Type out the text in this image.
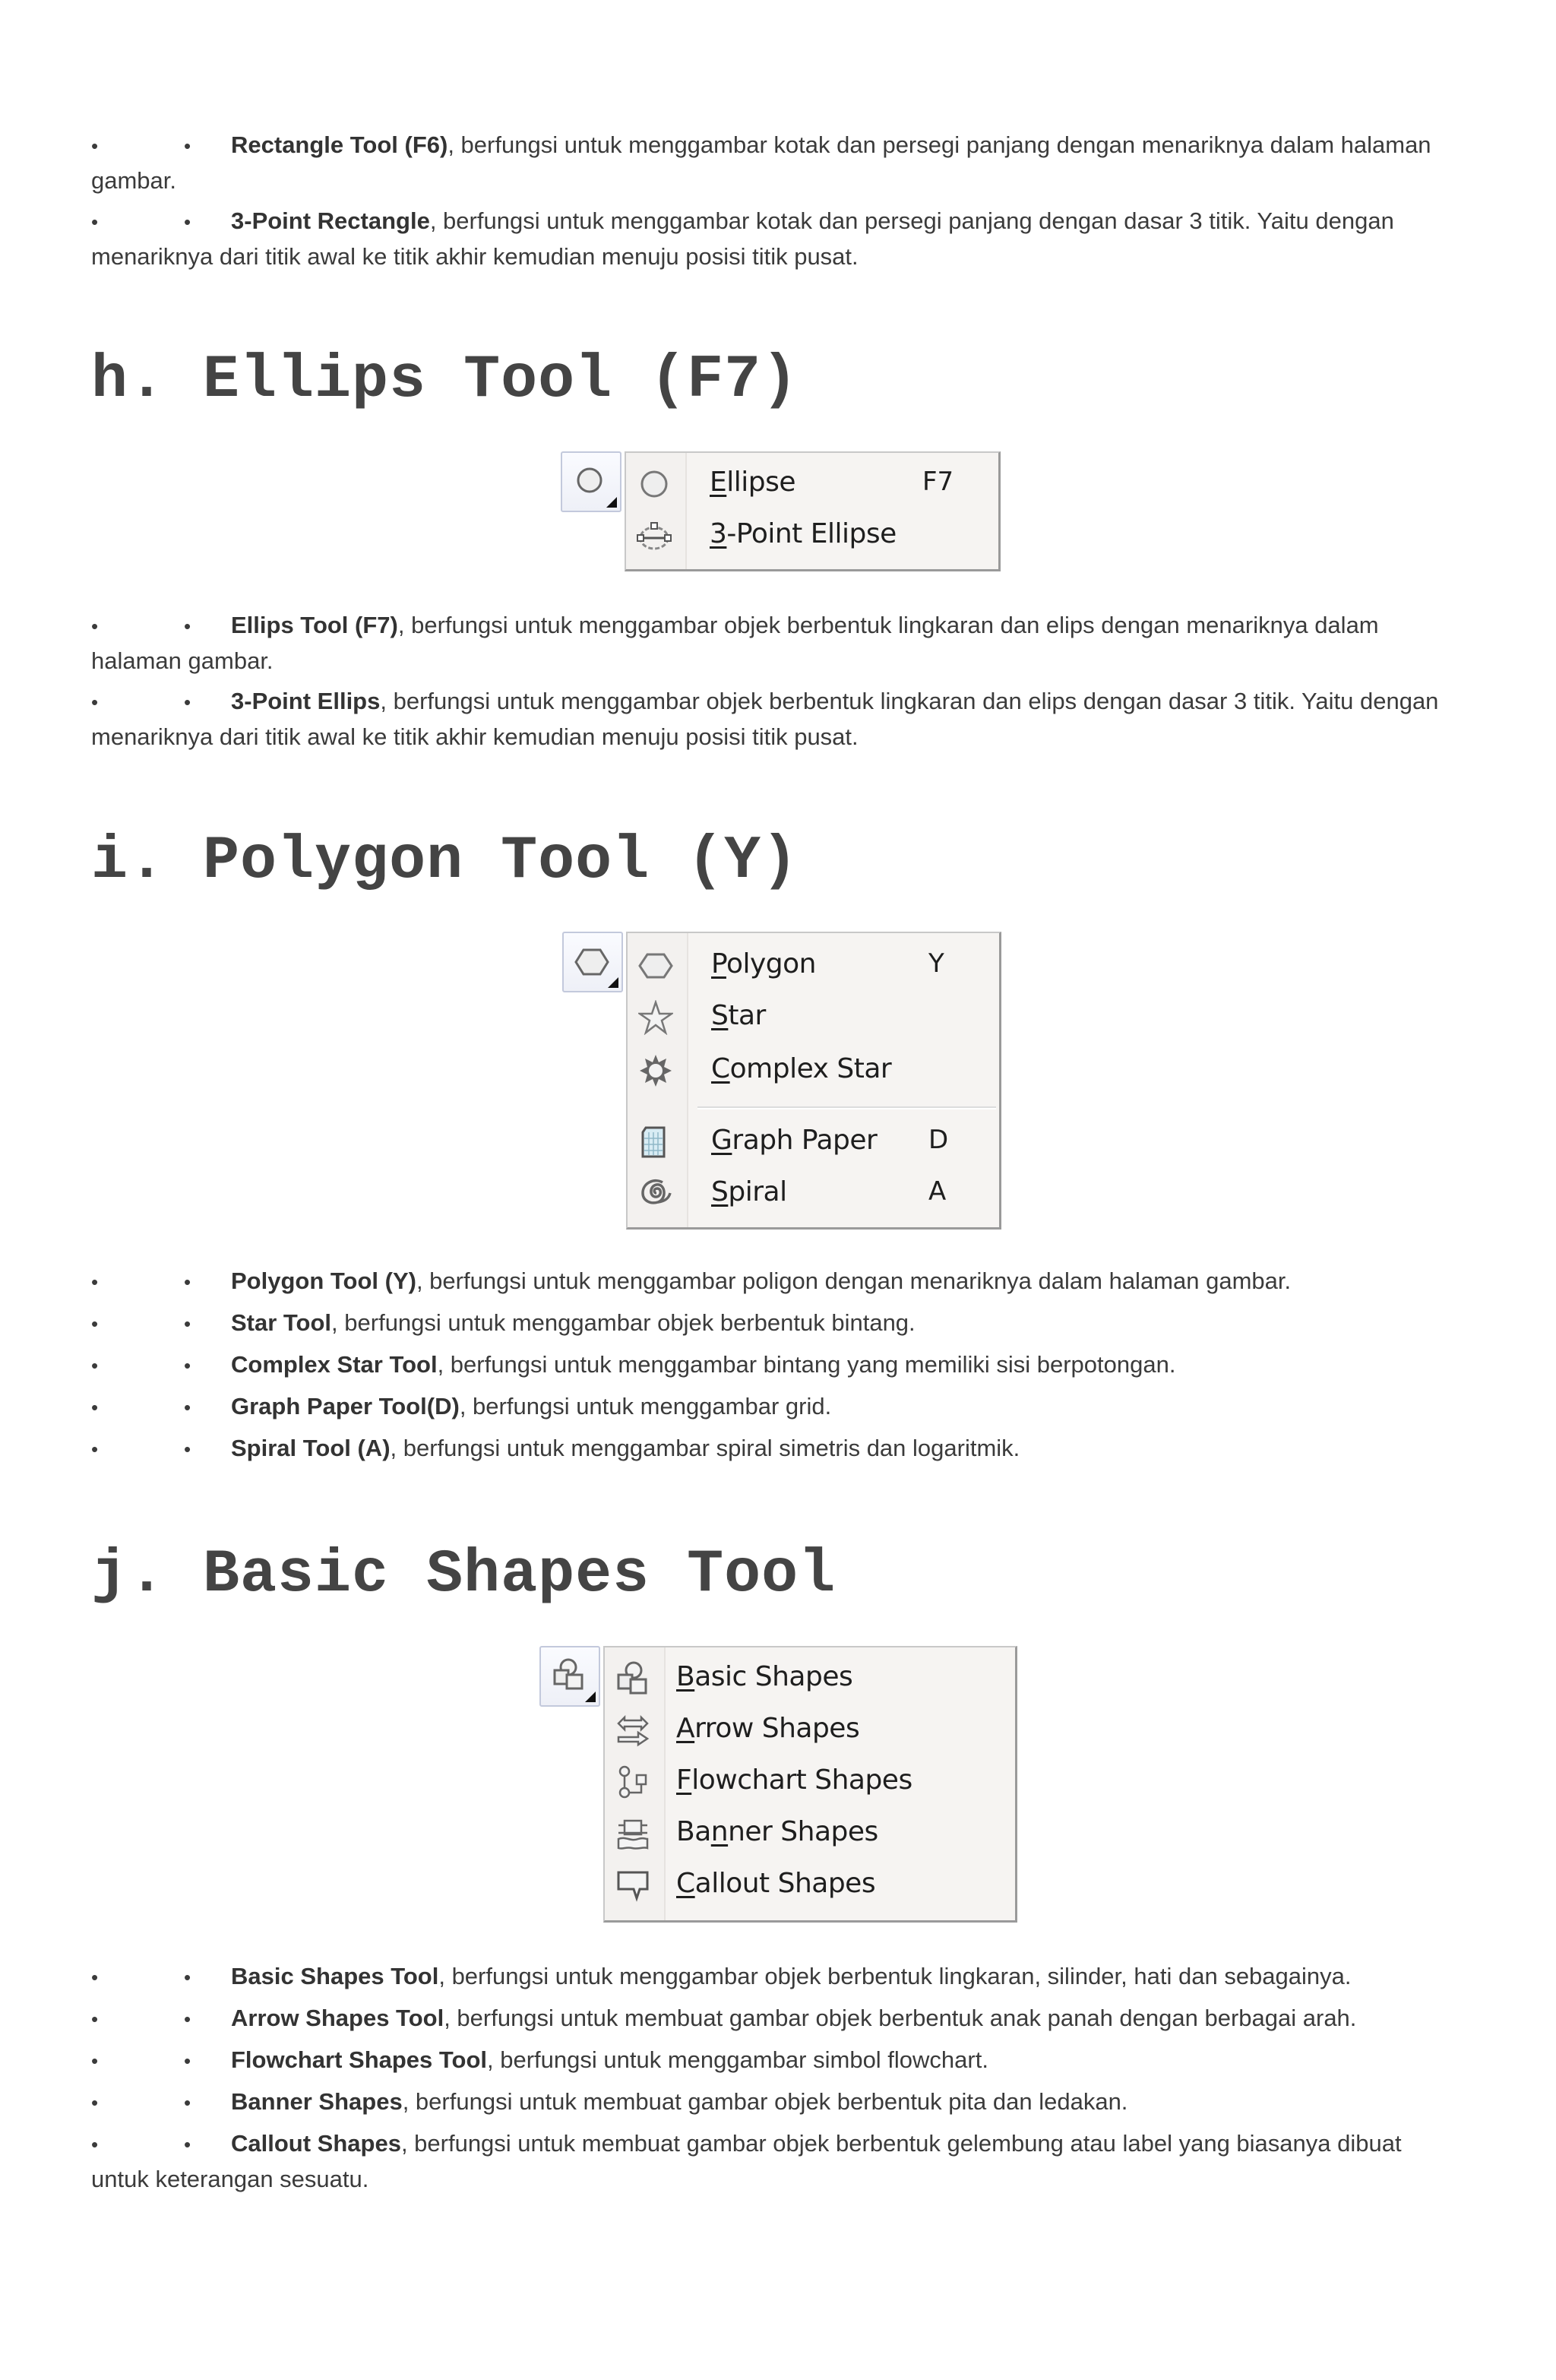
•	• Rectangle Tool (F6), berfungsi untuk menggambar kotak dan persegi panjang dengan menariknya dalam halaman gambar.
•	• 3-Point Rectangle, berfungsi untuk menggambar kotak dan persegi panjang dengan dasar 3 titik. Yaitu dengan menariknya dari titik awal ke titik akhir kemudian menuju posisi titik pusat.
h. Ellips Tool (F7)
Ellipse	F7
3-Point Ellipse
•	• Ellips Tool (F7), berfungsi untuk menggambar objek berbentuk lingkaran dan elips dengan menariknya dalam halaman gambar.
•	• 3-Point Ellips, berfungsi untuk menggambar objek berbentuk lingkaran dan elips dengan dasar 3 titik. Yaitu dengan menariknya dari titik awal ke titik akhir kemudian menuju posisi titik pusat.
i. Polygon Tool (Y)
Polygon	Y
Star
Complex Star
Graph Paper D
Spiral	A
•	• Polygon Tool (Y), berfungsi untuk menggambar poligon dengan menariknya dalam halaman gambar.
•	• Star Tool, berfungsi untuk menggambar objek berbentuk bintang.
•	• Complex Star Tool, berfungsi untuk menggambar bintang yang memiliki sisi berpotongan.
•	• Graph Paper Tool(D), berfungsi untuk menggambar grid.
•	• Spiral Tool (A), berfungsi untuk menggambar spiral simetris dan logaritmik.
j. Basic Shapes Tool
Basic Shapes
Arrow Shapes
Flowchart Shapes
Banner Shapes
Callout Shapes
•	• Basic Shapes Tool, berfungsi untuk menggambar objek berbentuk lingkaran, silinder, hati dan sebagainya.
•	• Arrow Shapes Tool, berfungsi untuk membuat gambar objek berbentuk anak panah dengan berbagai arah.
•	• Flowchart Shapes Tool, berfungsi untuk menggambar simbol flowchart.
•	• Banner Shapes, berfungsi untuk membuat gambar objek berbentuk pita dan ledakan.
•	• Callout Shapes, berfungsi untuk membuat gambar objek berbentuk gelembung atau label yang biasanya dibuat untuk keterangan sesuatu.
